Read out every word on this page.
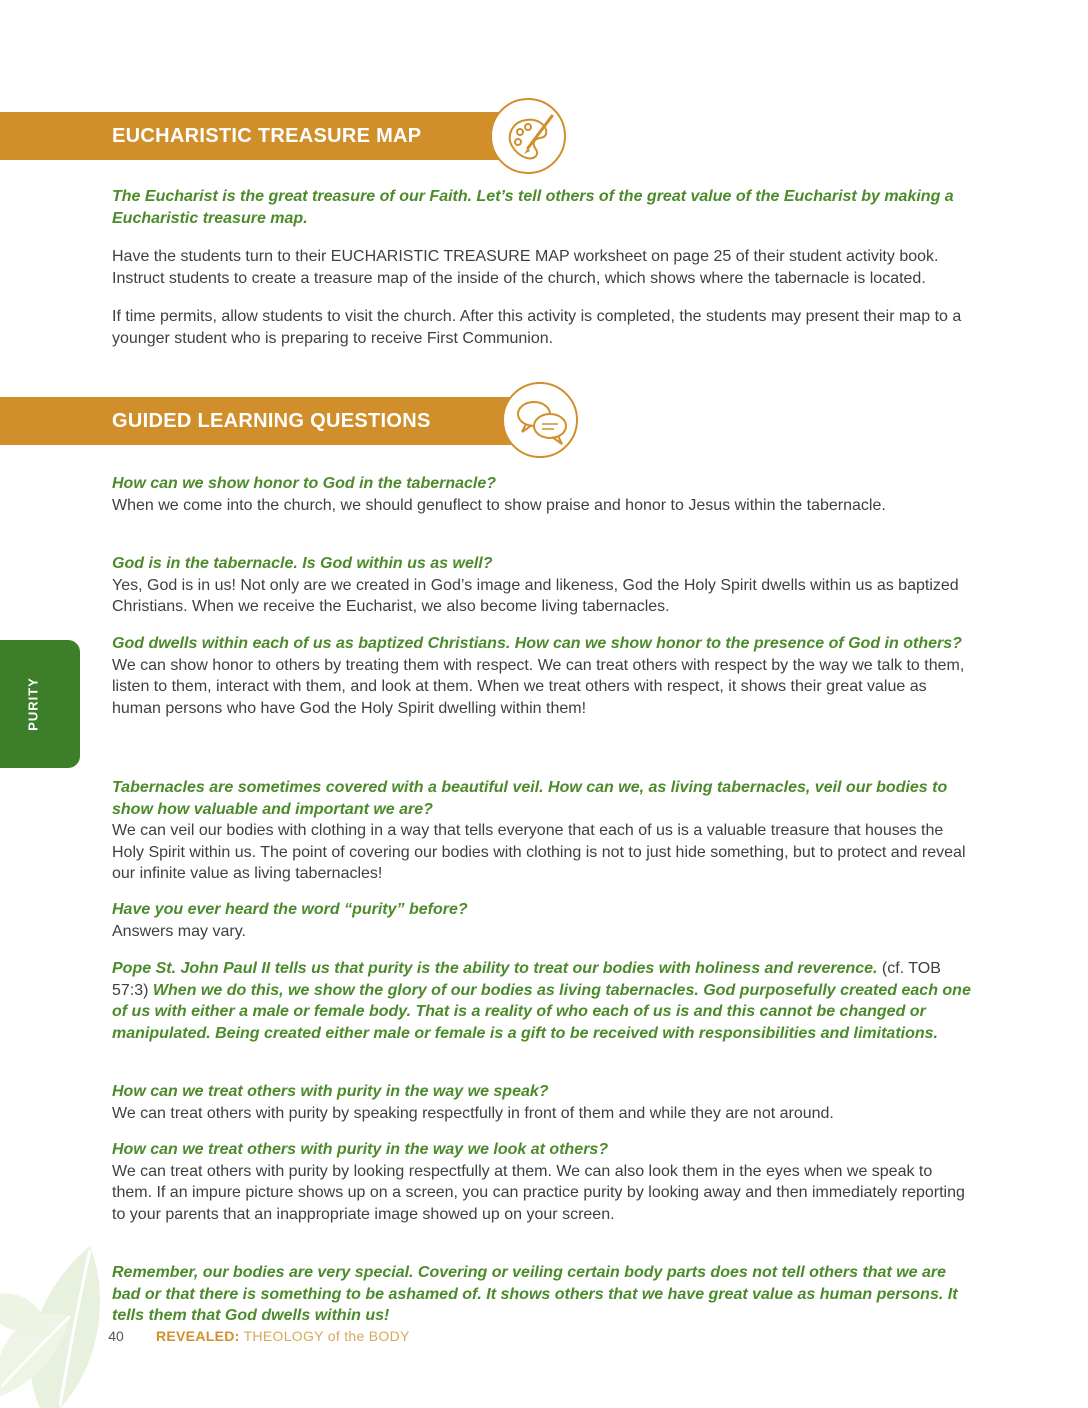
EUCHARISTIC TREASURE MAP
The Eucharist is the great treasure of our Faith. Let’s tell others of the great value of the Eucharist by making a Eucharistic treasure map.
Have the students turn to their EUCHARISTIC TREASURE MAP worksheet on page 25 of their student activity book. Instruct students to create a treasure map of the inside of the church, which shows where the tabernacle is located.
If time permits, allow students to visit the church. After this activity is completed, the students may present their map to a younger student who is preparing to receive First Communion.
GUIDED LEARNING QUESTIONS
How can we show honor to God in the tabernacle?
When we come into the church, we should genuflect to show praise and honor to Jesus within the tabernacle.
God is in the tabernacle. Is God within us as well?
Yes, God is in us! Not only are we created in God’s image and likeness, God the Holy Spirit dwells within us as baptized Christians. When we receive the Eucharist, we also become living tabernacles.
God dwells within each of us as baptized Christians. How can we show honor to the presence of God in others?
We can show honor to others by treating them with respect. We can treat others with respect by the way we talk to them, listen to them, interact with them, and look at them. When we treat others with respect, it shows their great value as human persons who have God the Holy Spirit dwelling within them!
Tabernacles are sometimes covered with a beautiful veil. How can we, as living tabernacles, veil our bodies to show how valuable and important we are?
We can veil our bodies with clothing in a way that tells everyone that each of us is a valuable treasure that houses the Holy Spirit within us. The point of covering our bodies with clothing is not to just hide something, but to protect and reveal our infinite value as living tabernacles!
Have you ever heard the word “purity” before?
Answers may vary.
Pope St. John Paul II tells us that purity is the ability to treat our bodies with holiness and reverence. (cf. TOB 57:3) When we do this, we show the glory of our bodies as living tabernacles. God purposefully created each one of us with either a male or female body. That is a reality of who each of us is and this cannot be changed or manipulated. Being created either male or female is a gift to be received with responsibilities and limitations.
How can we treat others with purity in the way we speak?
We can treat others with purity by speaking respectfully in front of them and while they are not around.
How can we treat others with purity in the way we look at others?
We can treat others with purity by looking respectfully at them. We can also look them in the eyes when we speak to them. If an impure picture shows up on a screen, you can practice purity by looking away and then immediately reporting to your parents that an inappropriate image showed up on your screen.
Remember, our bodies are very special. Covering or veiling certain body parts does not tell others that we are bad or that there is something to be ashamed of. It shows others that we have great value as human persons. It tells them that God dwells within us!
PURITY
40	REVEALED: THEOLOGY of the BODY
